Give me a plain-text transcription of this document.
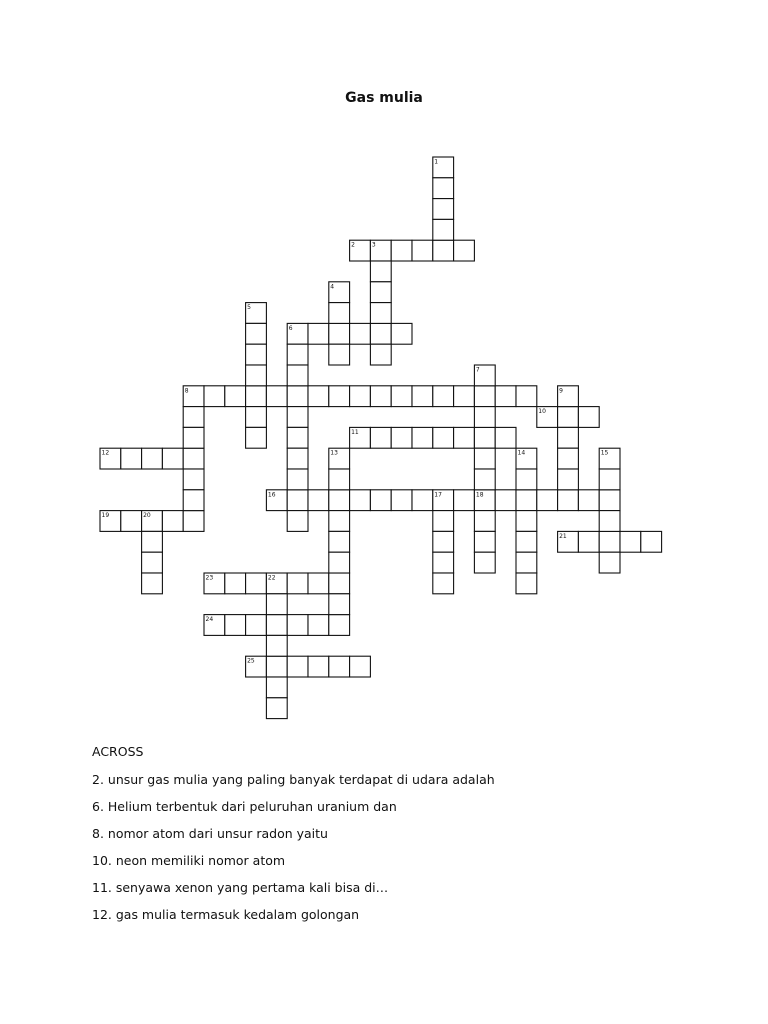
Gas mulia
2
6
8
10
11
12
16
19
21
23
24
25
1
3
4
5
7
9
13	14	15
17	18
20
22
ACROSS
2. unsur gas mulia yang paling banyak terdapat di udara adalah
6. Helium terbentuk dari peluruhan uranium dan
8. nomor atom dari unsur radon yaitu
10. neon memiliki nomor atom
11. senyawa xenon yang pertama kali bisa di…
12. gas mulia termasuk kedalam golongan
